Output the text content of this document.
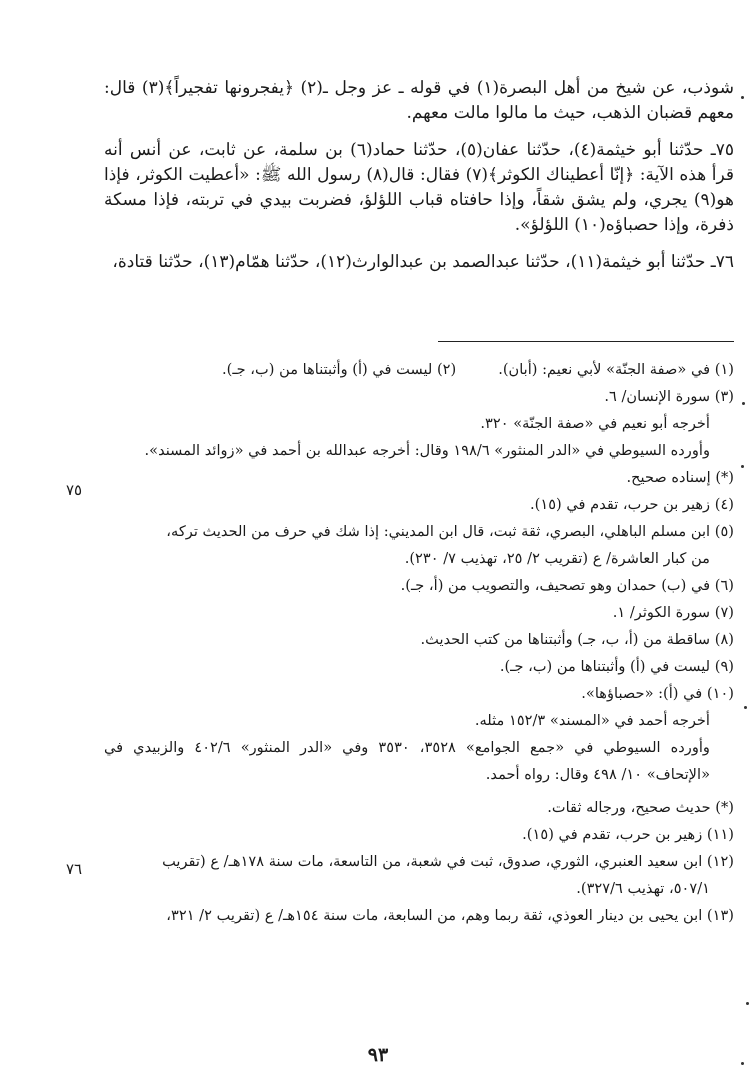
شوذب، عن شيخ من أهل البصرة(١) في قوله ـ عز وجل ـ(٢) ﴿يفجرونها تفجيراً﴾(٣) قال: معهم قضبان الذهب، حيث ما مالوا مالت معهم.

٧٥ـ حدّثنا أبو خيثمة(٤)، حدّثنا عفان(٥)، حدّثنا حماد(٦) بن سلمة، عن ثابت، عن أنس أنه قرأ هذه الآية: ﴿إنّا أعطيناك الكوثر﴾(٧) فقال: قال(٨) رسول الله ﷺ: «أعطيت الكوثر، فإذا هو(٩) يجري، ولم يشق شقاً، وإذا حافتاه قباب اللؤلؤ، فضربت بيدي في تربته، فإذا مسكة ذفرة، وإذا حصباؤه(١٠) اللؤلؤ».

٧٦ـ حدّثنا أبو خيثمة(١١)، حدّثنا عبدالصمد بن عبدالوارث(١٢)، حدّثنا همّام(١٣)، حدّثنا قتادة،

(١) في «صفة الجنّة» لأبي نعيم: (أبان).

(٢) ليست في (أ) وأثبتناها من (ب، جـ).

(٣) سورة الإنسان/ ٦.

أخرجه أبو نعيم في «صفة الجنّة» ٣٢٠.

وأورده السيوطي في «الدر المنثور» ١٩٨/٦ وقال: أخرجه عبدالله بن أحمد في «زوائد المسند».

(*) إسناده صحيح.

(٤) زهير بن حرب، تقدم في (١٥).

(٥) ابن مسلم الباهلي، البصري، ثقة ثبت، قال ابن المديني: إذا شك في حرف من الحديث تركه،

من كبار العاشرة/ ع (تقريب ٢/ ٢٥، تهذيب ٧/ ٢٣٠).

(٦) في (ب) حمدان وهو تصحيف، والتصويب من (أ، جـ).

(٧) سورة الكوثر/ ١.

(٨) ساقطة من (أ، ب، جـ) وأثبتناها من كتب الحديث.

(٩) ليست في (أ) وأثبتناها من (ب، جـ).

(١٠) في (أ): «حصباؤها».

أخرجه أحمد في «المسند» ١٥٢/٣ مثله.

وأورده السيوطي في «جمع الجوامع» ٣٥٢٨، ٣٥٣٠ وفي «الدر المنثور» ٤٠٢/٦ والزبيدي في «الإتحاف» ١٠/ ٤٩٨ وقال: رواه أحمد.

(*) حديث صحيح، ورجاله ثقات.

(١١) زهير بن حرب، تقدم في (١٥).

(١٢) ابن سعيد العنبري، الثوري، صدوق، ثبت في شعبة، من التاسعة، مات سنة ١٧٨هـ/ ع (تقريب

٥٠٧/١، تهذيب ٣٢٧/٦).

(١٣) ابن يحيى بن دينار العوذي، ثقة ربما وهم، من السابعة، مات سنة ١٥٤هـ/ ع (تقريب ٢/ ٣٢١،

٧٥
٧٦
٩٣
